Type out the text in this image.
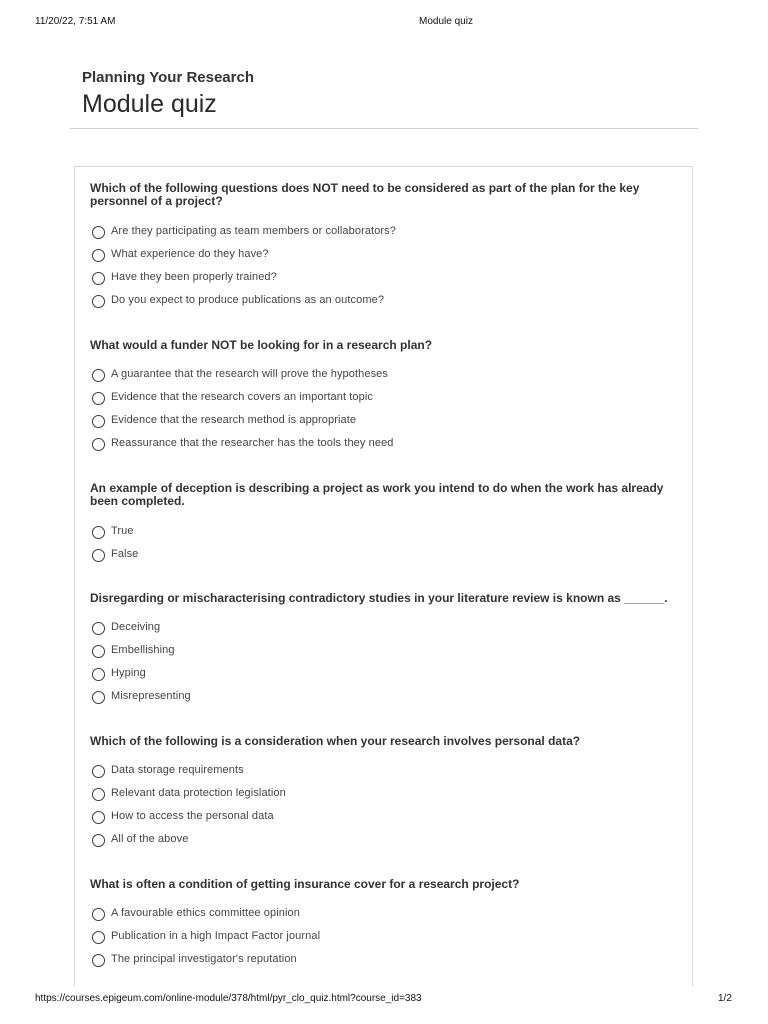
11/20/22, 7:51 AM	Module quiz
Planning Your Research
Module quiz

Which of the following questions does NOT need to be considered as part of the plan for the key personnel of a project?

Are they participating as team members or collaborators?
What experience do they have?
Have they been properly trained?
Do you expect to produce publications as an outcome?

What would a funder NOT be looking for in a research plan?

A guarantee that the research will prove the hypotheses
Evidence that the research covers an important topic
Evidence that the research method is appropriate
Reassurance that the researcher has the tools they need

An example of deception is describing a project as work you intend to do when the work has already been completed.

True
False

Disregarding or mischaracterising contradictory studies in your literature review is known as ______.

Deceiving
Embellishing
Hyping
Misrepresenting

Which of the following is a consideration when your research involves personal data?

Data storage requirements
Relevant data protection legislation
How to access the personal data
All of the above

What is often a condition of getting insurance cover for a research project?

A favourable ethics committee opinion
Publication in a high Impact Factor journal
The principal investigator's reputation
https://courses.epigeum.com/online-module/378/html/pyr_clo_quiz.html?course_id=383	1/2
